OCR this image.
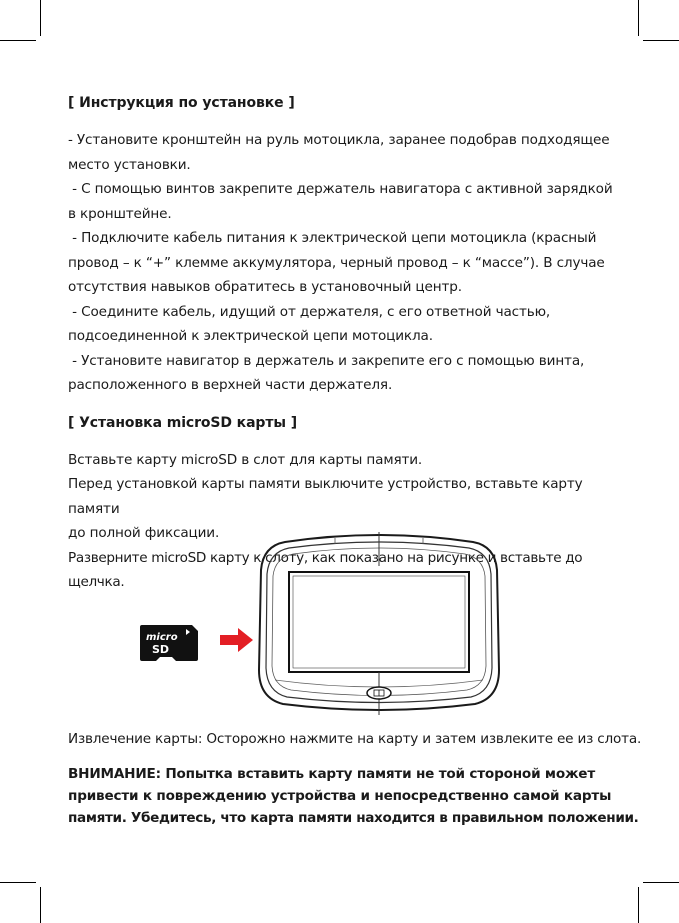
[ Инструкция по установке ]

- Установите кронштейн на руль мотоцикла, заранее подобрав подходящее

место установки.

- С помощью винтов закрепите держатель навигатора с активной зарядкой

в кронштейне.

- Подключите кабель питания к электрической цепи мотоцикла (красный

провод – к “+” клемме аккумулятора, черный провод – к “массе”). В случае

отсутствия навыков обратитесь в установочный центр.

- Соедините кабель, идущий от держателя, с его ответной частью,

подсоединенной к электрической цепи мотоцикла.

- Установите навигатор в держатель и закрепите его с помощью винта,

расположенного в верхней части держателя.

[ Установка microSD карты ]

Вставьте карту microSD в слот для карты памяти.

Перед установкой карты памяти выключите устройство, вставьте карту памяти

до полной фиксации.

Разверните microSD карту к слоту, как показано на рисунке и вставьте до щелчка.

micro
SD

Извлечение карты: Осторожно нажмите на карту и затем извлеките ее из слота.

ВНИМАНИЕ: Попытка вставить карту памяти не той стороной может

привести к повреждению устройства и непосредственно самой карты

памяти. Убедитесь, что карта памяти находится в правильном положении.
